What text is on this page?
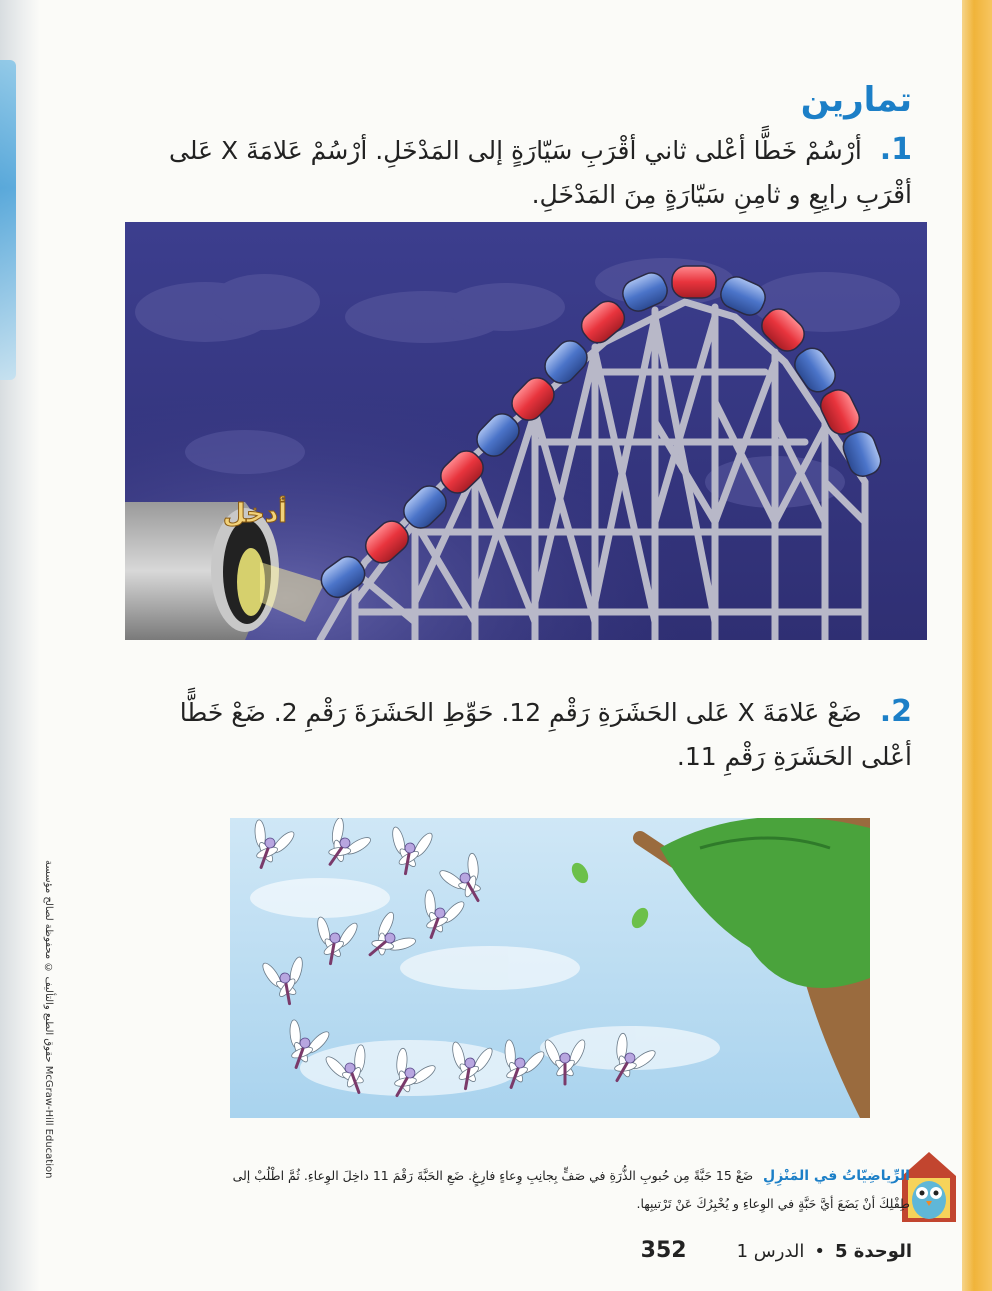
حقوق الطبع والتأليف © محفوظة لصالح مؤسسة McGraw-Hill Education
تمارين
1. أرْسُمْ خَطًّا أعْلى ثاني أقْرَبِ سَيّارَةٍ إلى المَدْخَلِ. أرْسُمْ عَلامَةَ X عَلى أقْرَبِ رابِعِ و ثامِنِ سَيّارَةٍ مِنَ المَدْخَلِ.
أدخل
2. ضَعْ عَلامَةَ X عَلى الحَشَرَةِ رَقْمِ 12. حَوِّطِ الحَشَرَةَ رَقْمِ 2. ضَعْ خَطًّا أعْلى الحَشَرَةِ رَقْمِ 11.
الرِّياضِيّاتُ في المَنْزِلِ ضَعْ 15 حَبَّةً مِن حُبوبِ الذُّرَةِ في صَفٍّ بِجانِبِ وِعاءٍ فارِغٍ. ضَعِ الحَبَّةَ رَقْمَ 11 داخِلَ الوِعاءِ. ثُمَّ اطْلُبْ إلى طِفْلِكَ أنْ يَضَعَ أيَّ حَبَّةٍ في الوِعاءِ و يُخْبِرُكَ عَنْ تَرْتيبِها.
الوحدة 5
•
الدرس 1
352
